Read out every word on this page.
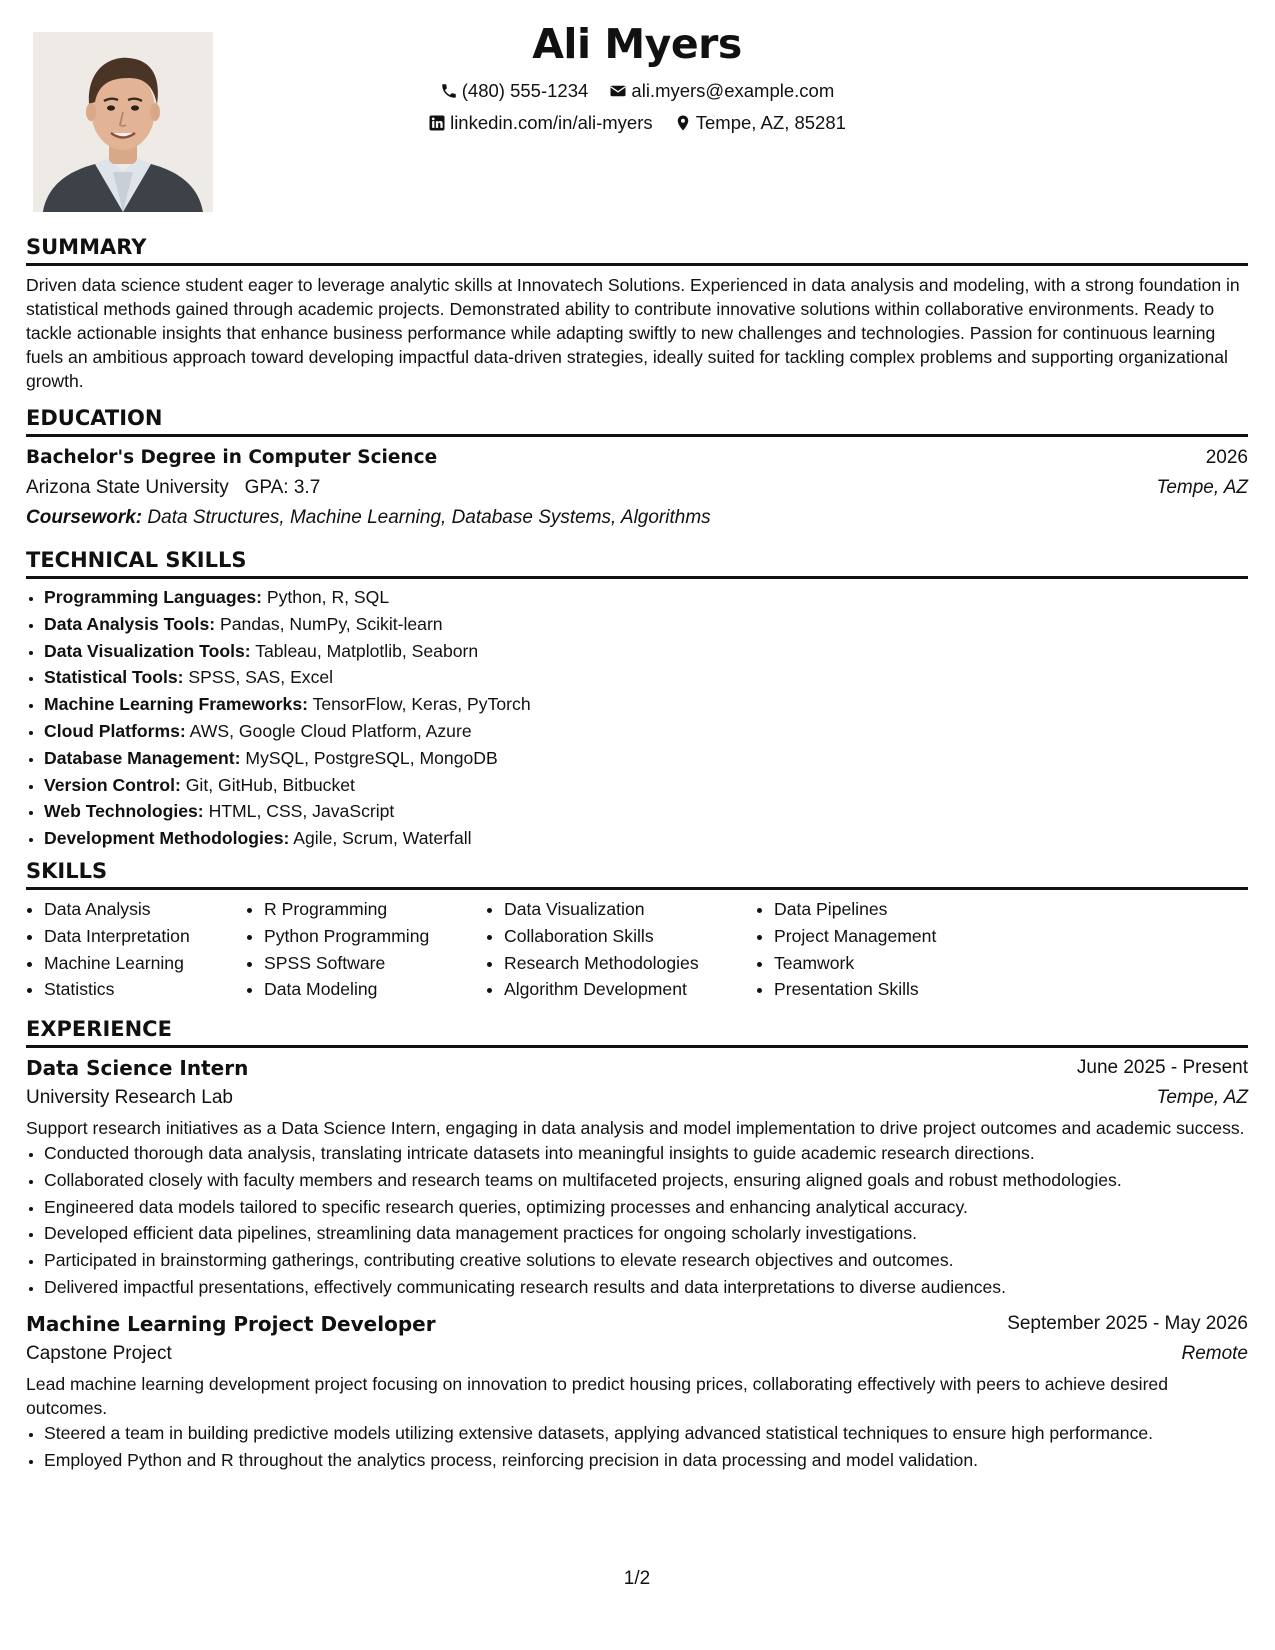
Ali Myers
(480) 555-1234
ali.myers@example.com
linkedin.com/in/ali-myers
Tempe, AZ, 85281
SUMMARY
Driven data science student eager to leverage analytic skills at Innovatech Solutions. Experienced in data analysis and modeling, with a strong foundation in statistical methods gained through academic projects. Demonstrated ability to contribute innovative solutions within collaborative environments. Ready to tackle actionable insights that enhance business performance while adapting swiftly to new challenges and technologies. Passion for continuous learning fuels an ambitious approach toward developing impactful data-driven strategies, ideally suited for tackling complex problems and supporting organizational growth.
EDUCATION
Bachelor's Degree in Computer Science	2026
Arizona State University GPA: 3.7	Tempe, AZ
Coursework: Data Structures, Machine Learning, Database Systems, Algorithms
TECHNICAL SKILLS
• Programming Languages: Python, R, SQL
• Data Analysis Tools: Pandas, NumPy, Scikit-learn
• Data Visualization Tools: Tableau, Matplotlib, Seaborn
• Statistical Tools: SPSS, SAS, Excel
• Machine Learning Frameworks: TensorFlow, Keras, PyTorch
• Cloud Platforms: AWS, Google Cloud Platform, Azure
• Database Management: MySQL, PostgreSQL, MongoDB
• Version Control: Git, GitHub, Bitbucket
• Web Technologies: HTML, CSS, JavaScript
• Development Methodologies: Agile, Scrum, Waterfall
SKILLS
• Data Analysis
• Data Interpretation
• Machine Learning
• Statistics
• R Programming
• Python Programming
• SPSS Software
• Data Modeling
• Data Visualization
• Collaboration Skills
• Research Methodologies
• Algorithm Development
• Data Pipelines
• Project Management
• Teamwork
• Presentation Skills
EXPERIENCE
Data Science Intern	June 2025 - Present
University Research Lab	Tempe, AZ
Support research initiatives as a Data Science Intern, engaging in data analysis and model implementation to drive project outcomes and academic success.
• Conducted thorough data analysis, translating intricate datasets into meaningful insights to guide academic research directions.
• Collaborated closely with faculty members and research teams on multifaceted projects, ensuring aligned goals and robust methodologies.
• Engineered data models tailored to specific research queries, optimizing processes and enhancing analytical accuracy.
• Developed efficient data pipelines, streamlining data management practices for ongoing scholarly investigations.
• Participated in brainstorming gatherings, contributing creative solutions to elevate research objectives and outcomes.
• Delivered impactful presentations, effectively communicating research results and data interpretations to diverse audiences.
Machine Learning Project Developer	September 2025 - May 2026
Capstone Project	Remote
Lead machine learning development project focusing on innovation to predict housing prices, collaborating effectively with peers to achieve desired outcomes.
• Steered a team in building predictive models utilizing extensive datasets, applying advanced statistical techniques to ensure high performance.
• Employed Python and R throughout the analytics process, reinforcing precision in data processing and model validation.
1/2
